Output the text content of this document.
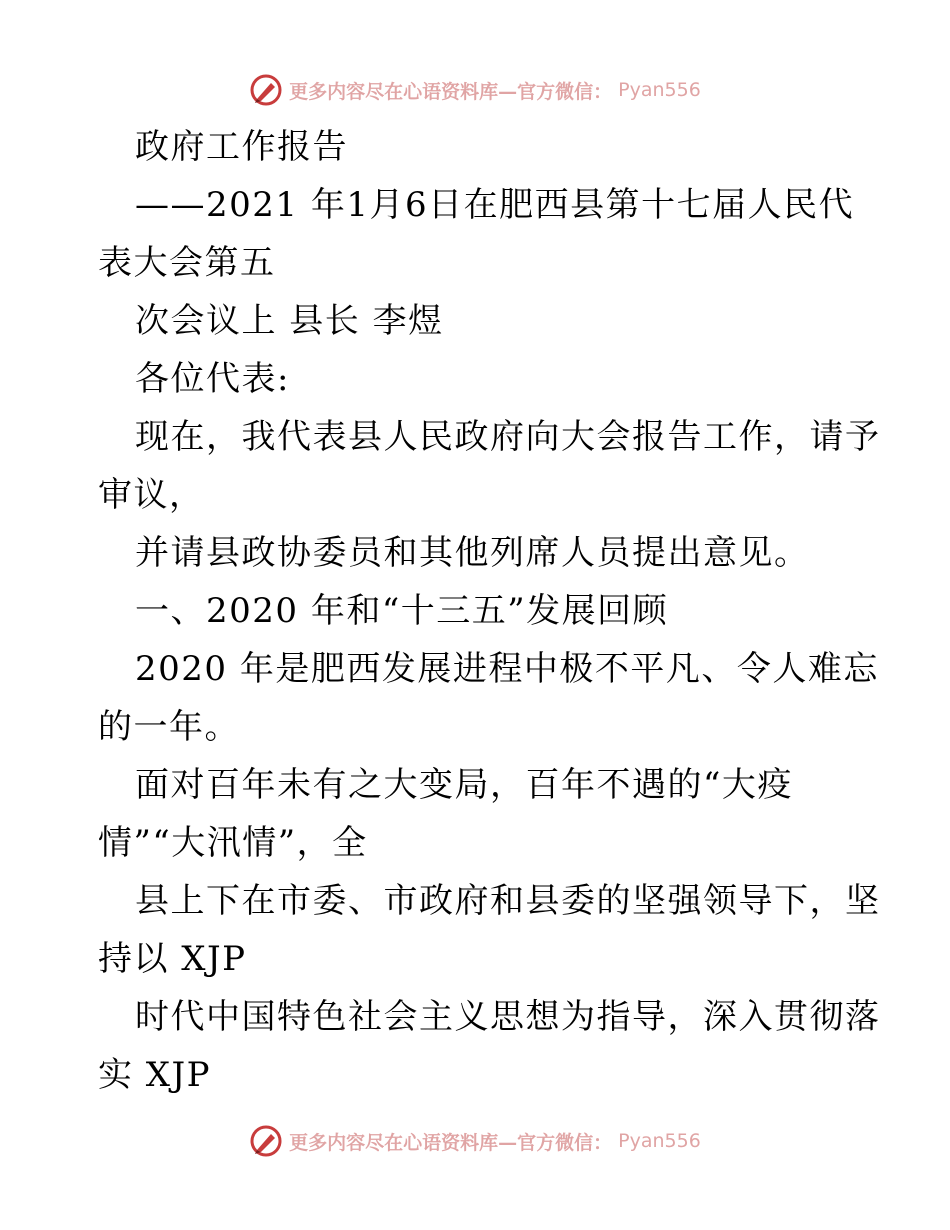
更多内容尽在心语资料库—官方微信： Pyan556
政府工作报告
——2021 年1月6日在肥西县第十七届人民代
表大会第五
次会议上 县长 李煜
各位代表:
现在，我代表县人民政府向大会报告工作，请予
审议，
并请县政协委员和其他列席人员提出意见。
一、2020 年和“十三五”发展回顾
2020 年是肥西发展进程中极不平凡、令人难忘
的一年。
面对百年未有之大变局，百年不遇的“大疫
情”“大汛情”，全
县上下在市委、市政府和县委的坚强领导下，坚
持以 XJP
时代中国特色社会主义思想为指导，深入贯彻落
实 XJP
更多内容尽在心语资料库—官方微信： Pyan556
